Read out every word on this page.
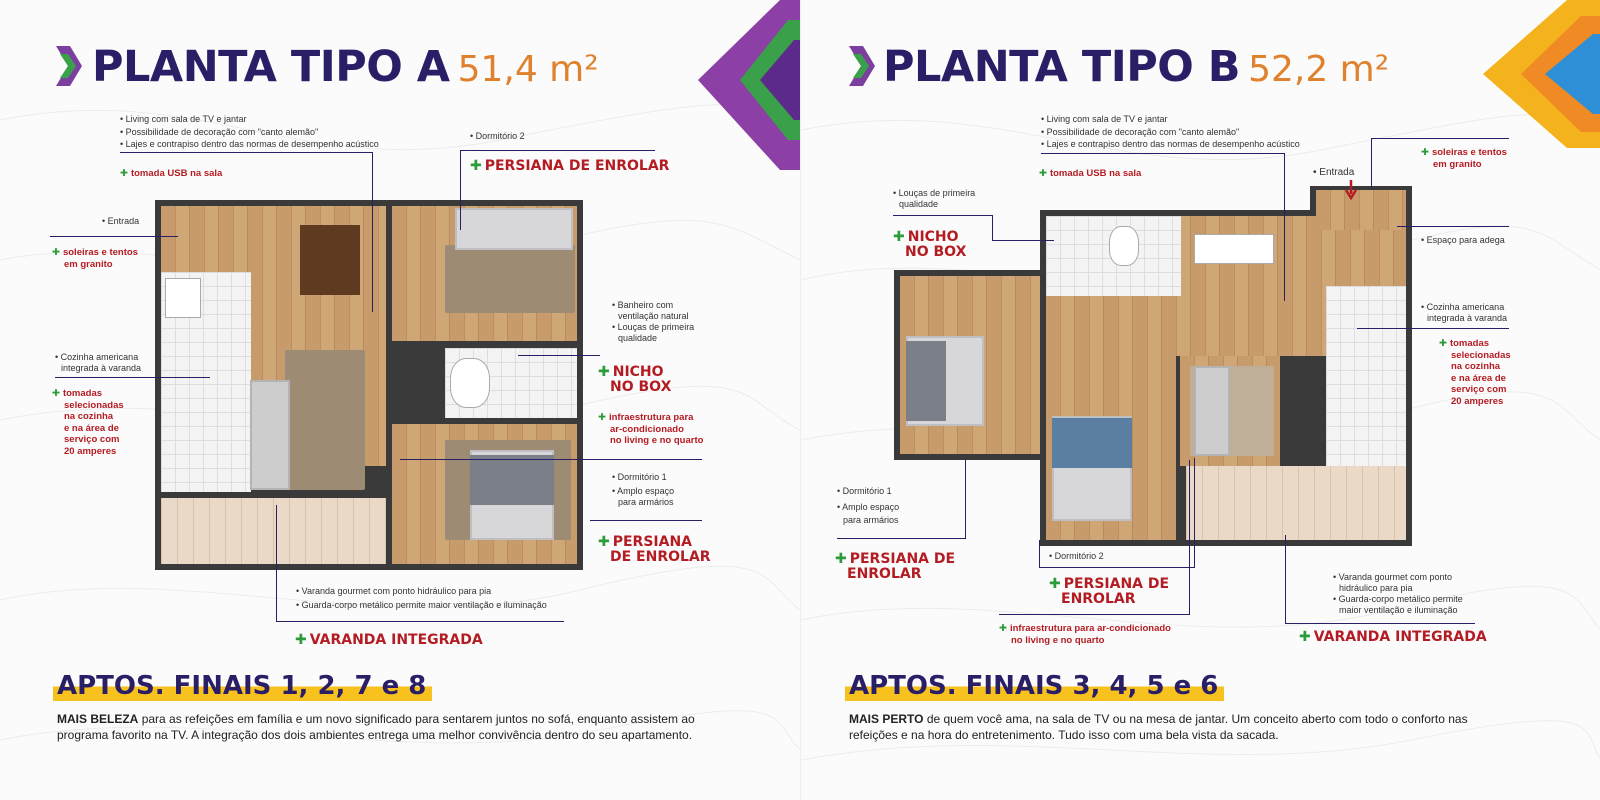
PLANTA TIPO A 51,4 m²
• Living com sala de TV e jantar
• Possibilidade de decoração com "canto alemão"
• Lajes e contrapiso dentro das normas de desempenho acústico
✚ tomada USB na sala
• Dormitório 2
✚ PERSIANA DE ENROLAR
• Entrada
✚ soleiras e tentos
em granito
• Cozinha americana
integrada à varanda
✚ tomadas
selecionadas
na cozinha
e na área de
serviço com
20 amperes
• Banheiro com
ventilação natural
• Louças de primeira
qualidade
✚ NICHO
NO BOX
✚ infraestrutura para
ar-condicionado
no living e no quarto
• Dormitório 1
• Amplo espaço
para armários
✚ PERSIANA
DE ENROLAR
• Varanda gourmet com ponto hidráulico para pia
• Guarda-corpo metálico permite maior ventilação e iluminação
✚ VARANDA INTEGRADA
APTOS. FINAIS 1, 2, 7 e 8
MAIS BELEZA para as refeições em família e um novo significado para sentarem juntos no sofá, enquanto assistem ao programa favorito na TV. A integração dos dois ambientes entrega uma melhor convivência dentro do seu apartamento.
PLANTA TIPO B 52,2 m²
• Living com sala de TV e jantar
• Possibilidade de decoração com "canto alemão"
• Lajes e contrapiso dentro das normas de desempenho acústico
✚ tomada USB na sala	• Entrada
✚ soleiras e tentos
em granito
• Louças de primeira
qualidade
✚ NICHO
NO BOX
• Espaço para adega
• Cozinha americana
integrada à varanda
✚ tomadas
selecionadas
na cozinha
e na área de
serviço com
20 amperes
• Dormitório 1
• Amplo espaço
para armários
✚ PERSIANA DE
ENROLAR
• Dormitório 2
✚ PERSIANA DE
ENROLAR
✚ infraestrutura para ar-condicionado
no living e no quarto
• Varanda gourmet com ponto
hidráulico para pia
• Guarda-corpo metálico permite
maior ventilação e iluminação
✚ VARANDA INTEGRADA
APTOS. FINAIS 3, 4, 5 e 6
MAIS PERTO de quem você ama, na sala de TV ou na mesa de jantar. Um conceito aberto com todo o conforto nas refeições e na hora do entretenimento. Tudo isso com uma bela vista da sacada.
